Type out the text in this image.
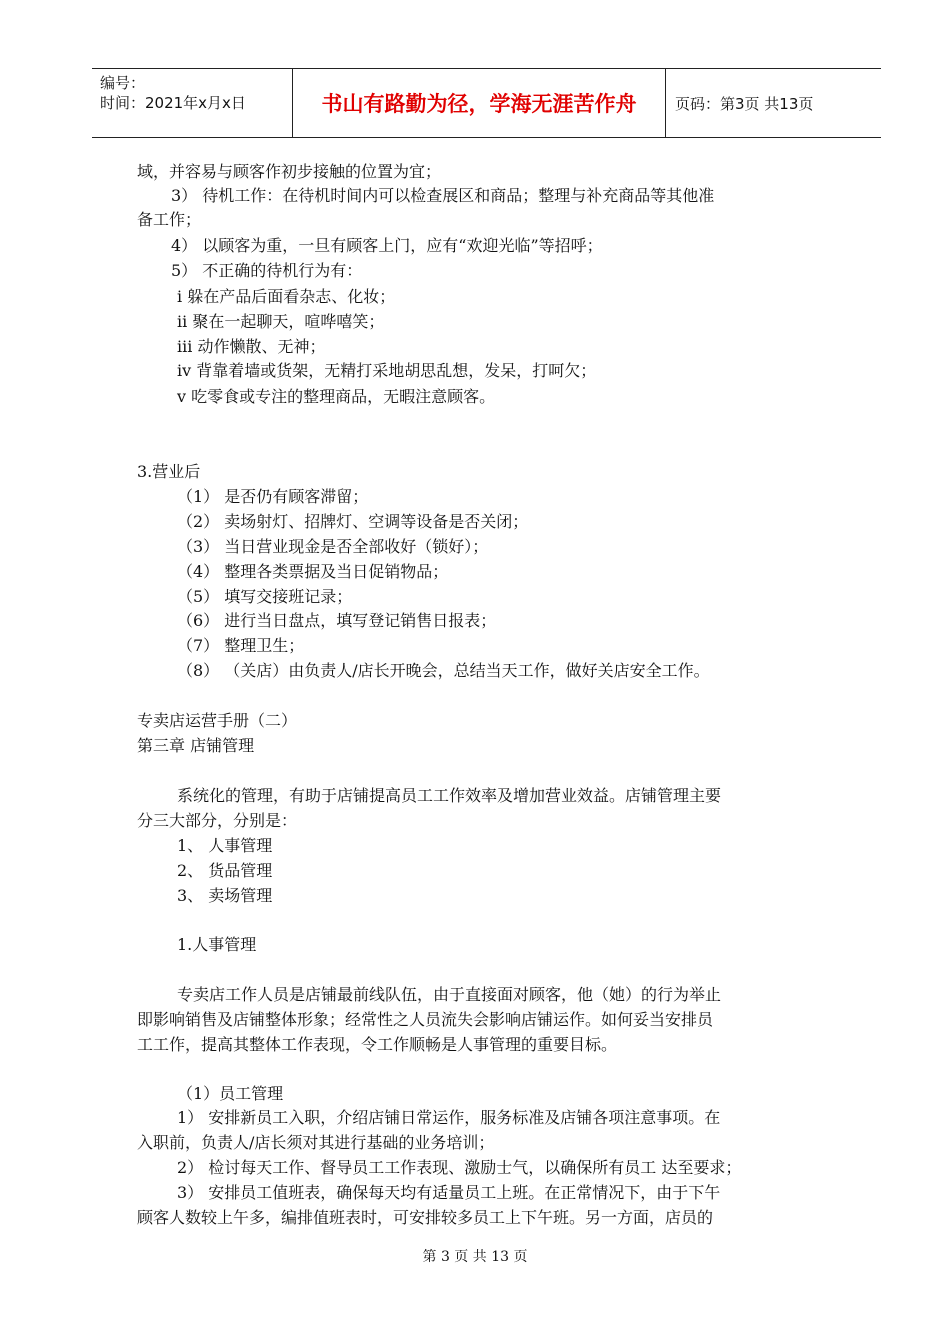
编号：
时间：2021年x月x日	书山有路勤为径，学海无涯苦作舟	页码：第3页 共13页
域，并容易与顾客作初步接触的位置为宜；
3） 待机工作：在待机时间内可以检查展区和商品；整理与补充商品等其他准
备工作；
4） 以顾客为重，一旦有顾客上门，应有“欢迎光临”等招呼；
5） 不正确的待机行为有：
i 躲在产品后面看杂志、化妆；
ii 聚在一起聊天，喧哗嘻笑；
iii 动作懒散、无神；
iv 背靠着墙或货架，无精打采地胡思乱想，发呆，打呵欠；
v 吃零食或专注的整理商品，无暇注意顾客。
3.营业后
（1） 是否仍有顾客滞留；
（2） 卖场射灯、招牌灯、空调等设备是否关闭；
（3） 当日营业现金是否全部收好（锁好）；
（4） 整理各类票据及当日促销物品；
（5） 填写交接班记录；
（6） 进行当日盘点，填写登记销售日报表；
（7） 整理卫生；
（8） （关店）由负责人/店长开晚会，总结当天工作，做好关店安全工作。
专卖店运营手册（二）
第三章 店铺管理
系统化的管理，有助于店铺提高员工工作效率及增加营业效益。店铺管理主要
分三大部分，分别是：
1、 人事管理
2、 货品管理
3、 卖场管理
1.人事管理
专卖店工作人员是店铺最前线队伍，由于直接面对顾客，他（她）的行为举止
即影响销售及店铺整体形象；经常性之人员流失会影响店铺运作。如何妥当安排员
工工作，提高其整体工作表现，令工作顺畅是人事管理的重要目标。
（1）员工管理
1） 安排新员工入职，介绍店铺日常运作，服务标准及店铺各项注意事项。在
入职前，负责人/店长须对其进行基础的业务培训；
2） 检讨每天工作、督导员工工作表现、激励士气，以确保所有员工 达至要求；
3） 安排员工值班表，确保每天均有适量员工上班。在正常情况下，由于下午
顾客人数较上午多，编排值班表时，可安排较多员工上下午班。另一方面，店员的
第 3 页 共 13 页
